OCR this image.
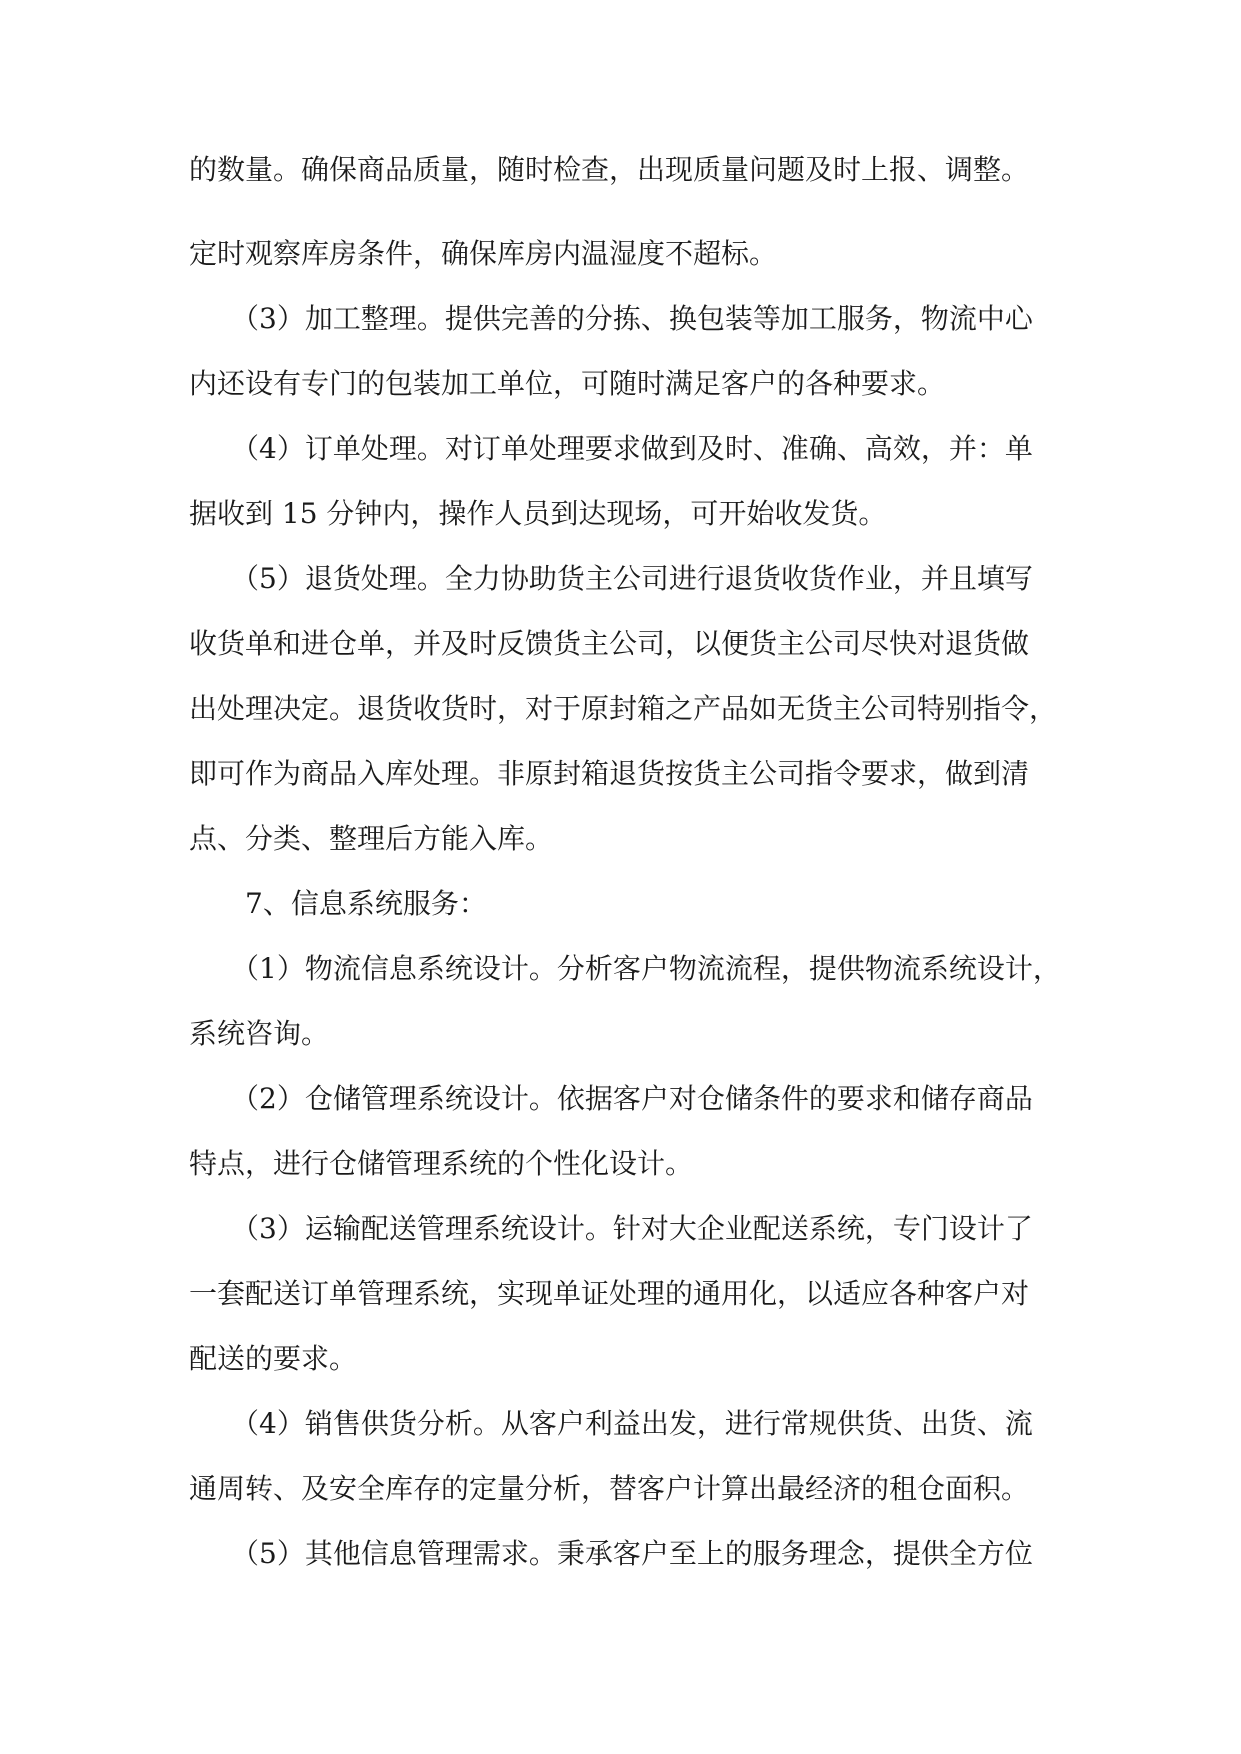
的数量。确保商品质量，随时检查，出现质量问题及时上报、调整。

定时观察库房条件，确保库房内温湿度不超标。

　　（3）加工整理。提供完善的分拣、换包装等加工服务，物流中心

内还设有专门的包装加工单位，可随时满足客户的各种要求。

　　（4）订单处理。对订单处理要求做到及时、准确、高效，并：单

据收到 15 分钟内，操作人员到达现场，可开始收发货。

　　（5）退货处理。全力协助货主公司进行退货收货作业，并且填写

收货单和进仓单，并及时反馈货主公司，以便货主公司尽快对退货做

出处理决定。退货收货时，对于原封箱之产品如无货主公司特别指令，

即可作为商品入库处理。非原封箱退货按货主公司指令要求，做到清

点、分类、整理后方能入库。

　　7、信息系统服务：

　　（1）物流信息系统设计。分析客户物流流程，提供物流系统设计，

系统咨询。

　　（2）仓储管理系统设计。依据客户对仓储条件的要求和储存商品

特点，进行仓储管理系统的个性化设计。

　　（3）运输配送管理系统设计。针对大企业配送系统，专门设计了

一套配送订单管理系统，实现单证处理的通用化，以适应各种客户对

配送的要求。

　　（4）销售供货分析。从客户利益出发，进行常规供货、出货、流

通周转、及安全库存的定量分析，替客户计算出最经济的租仓面积。

　　（5）其他信息管理需求。秉承客户至上的服务理念，提供全方位
